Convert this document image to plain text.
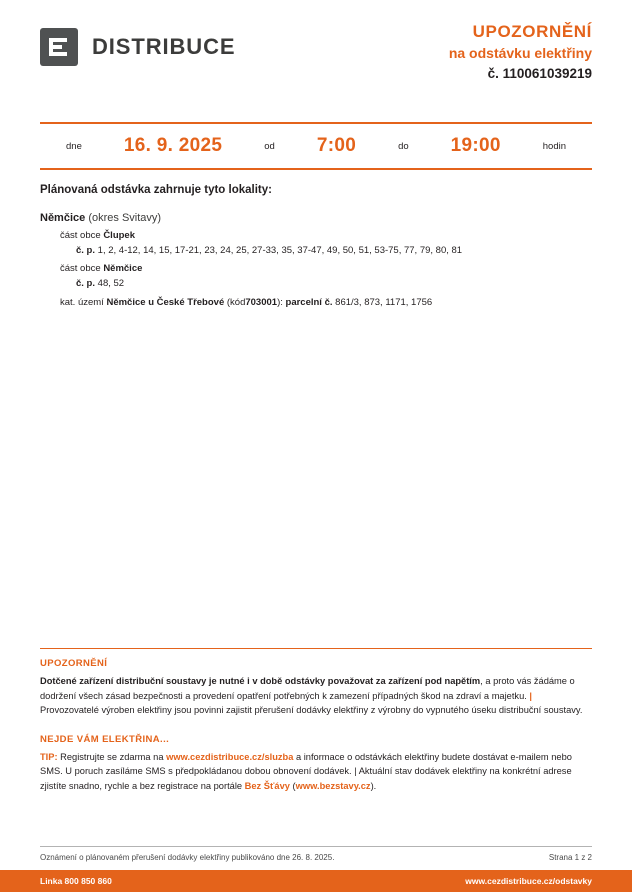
DISTRIBUCE
UPOZORNĚNÍ
na odstávku elektřiny
č. 110061039219
dne 16. 9. 2025	od 7:00	do 19:00	hodin
Plánovaná odstávka zahrnuje tyto lokality:
Němčice (okres Svitavy)
část obce Člupek
č. p. 1, 2, 4-12, 14, 15, 17-21, 23, 24, 25, 27-33, 35, 37-47, 49, 50, 51, 53-75, 77, 79, 80, 81
část obce Němčice
č. p. 48, 52
kat. území Němčice u České Třebové (kód703001): parcelní č. 861/3, 873, 1171, 1756
UPOZORNĚNÍ
Dotčené zařízení distribuční soustavy je nutné i v době odstávky považovat za zařízení pod napětím, a proto vás žádáme o dodržení všech zásad bezpečnosti a provedení opatření potřebných k zamezení případných škod na zdraví a majetku. | Provozovatelé výroben elektřiny jsou povinni zajistit přerušení dodávky elektřiny z výrobny do vypnutého úseku distribuční soustavy.
NEJDE VÁM ELEKTŘINA...
TIP: Registrujte se zdarma na www.cezdistribuce.cz/sluzba a informace o odstávkách elektřiny budete dostávat e-mailem nebo SMS. U poruch zasíláme SMS s předpokládanou dobou obnovení dodávek. | Aktuální stav dodávek elektřiny na konkrétní adrese zjistíte snadno, rychle a bez registrace na portále Bez Šťávy (www.bezstavy.cz).
Oznámení o plánovaném přerušení dodávky elektřiny publikováno dne 26. 8. 2025.	Strana 1 z 2
Linka 800 850 860	www.cezdistribuce.cz/odstavky
